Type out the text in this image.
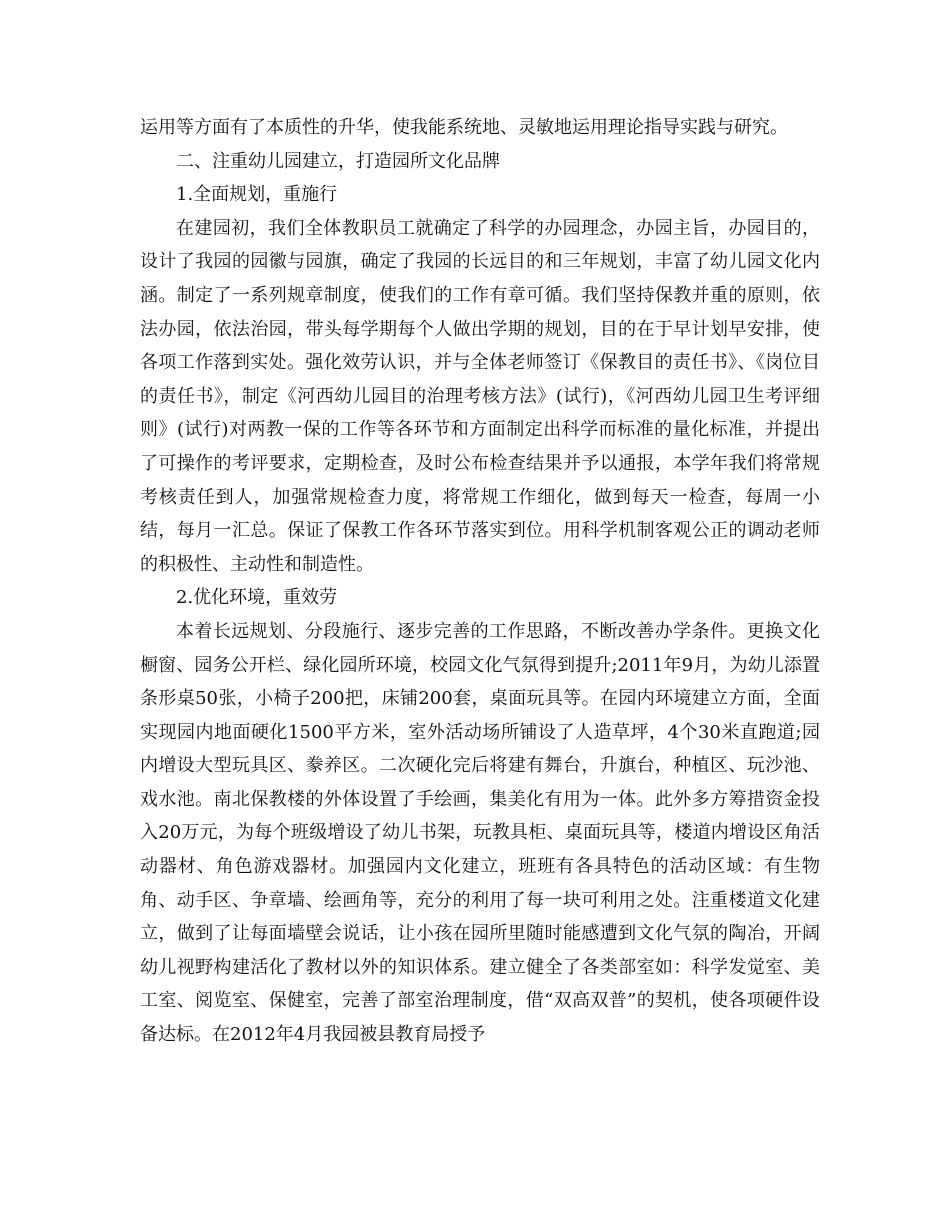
运用等方面有了本质性的升华，使我能系统地、灵敏地运用理论指导实践与研究。

二、注重幼儿园建立，打造园所文化品牌

1.全面规划，重施行

在建园初，我们全体教职员工就确定了科学的办园理念，办园主旨，办园目的，设计了我园的园徽与园旗，确定了我园的长远目的和三年规划，丰富了幼儿园文化内涵。制定了一系列规章制度，使我们的工作有章可循。我们坚持保教并重的原则，依法办园，依法治园，带头每学期每个人做出学期的规划，目的在于早计划早安排，使各项工作落到实处。强化效劳认识，并与全体老师签订《保教目的责任书》、《岗位目的责任书》，制定《河西幼儿园目的治理考核方法》(试行)，《河西幼儿园卫生考评细则》(试行)对两教一保的工作等各环节和方面制定出科学而标准的量化标准，并提出了可操作的考评要求，定期检查，及时公布检查结果并予以通报，本学年我们将常规考核责任到人，加强常规检查力度，将常规工作细化，做到每天一检查，每周一小结，每月一汇总。保证了保教工作各环节落实到位。用科学机制客观公正的调动老师的积极性、主动性和制造性。

2.优化环境，重效劳

本着长远规划、分段施行、逐步完善的工作思路，不断改善办学条件。更换文化橱窗、园务公开栏、绿化园所环境，校园文化气氛得到提升;2011年9月，为幼儿添置条形桌50张，小椅子200把，床铺200套，桌面玩具等。在园内环境建立方面，全面实现园内地面硬化1500平方米，室外活动场所铺设了人造草坪，4个30米直跑道;园内增设大型玩具区、豢养区。二次硬化完后将建有舞台，升旗台，种植区、玩沙池、戏水池。南北保教楼的外体设置了手绘画，集美化有用为一体。此外多方筹措资金投入20万元，为每个班级增设了幼儿书架，玩教具柜、桌面玩具等，楼道内增设区角活动器材、角色游戏器材。加强园内文化建立，班班有各具特色的活动区域：有生物角、动手区、争章墙、绘画角等，充分的利用了每一块可利用之处。注重楼道文化建立，做到了让每面墙壁会说话，让小孩在园所里随时能感遭到文化气氛的陶冶，开阔幼儿视野构建活化了教材以外的知识体系。建立健全了各类部室如：科学发觉室、美工室、阅览室、保健室，完善了部室治理制度，借“双高双普”的契机，使各项硬件设备达标。在2012年4月我园被县教育局授予
